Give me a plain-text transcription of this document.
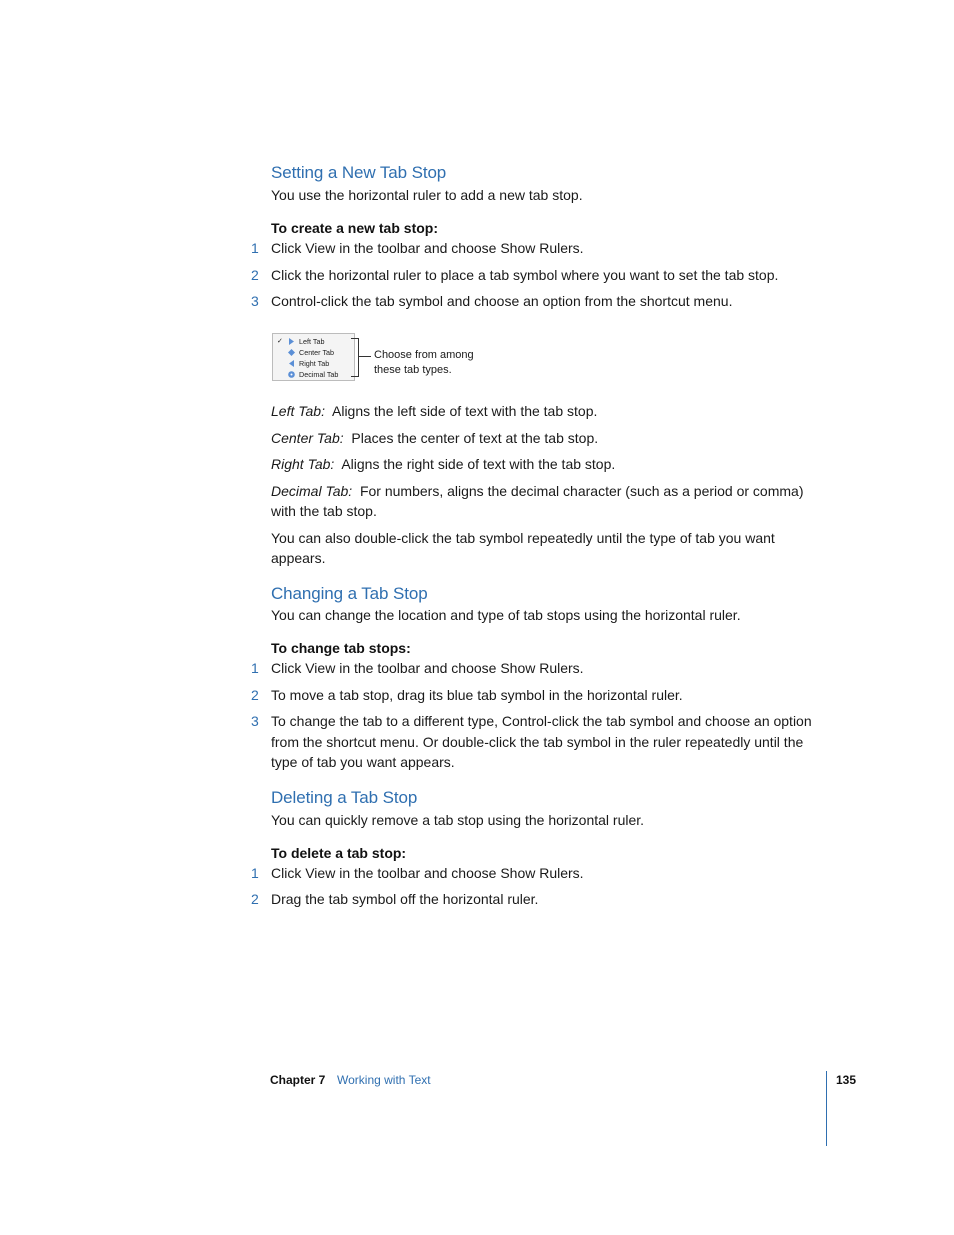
Setting a New Tab Stop

You use the horizontal ruler to add a new tab stop.

To create a new tab stop:

1 Click View in the toolbar and choose Show Rulers.
2 Click the horizontal ruler to place a tab symbol where you want to set the tab stop.
3 Control-click the tab symbol and choose an option from the shortcut menu.
✓ Left Tab
Center Tab
Right Tab
Decimal Tab
Choose from among
these tab types.

Left Tab: Aligns the left side of text with the tab stop.

Center Tab: Places the center of text at the tab stop.

Right Tab: Aligns the right side of text with the tab stop.

Decimal Tab: For numbers, aligns the decimal character (such as a period or comma) with the tab stop.

You can also double-click the tab symbol repeatedly until the type of tab you want appears.

Changing a Tab Stop

You can change the location and type of tab stops using the horizontal ruler.

To change tab stops:

1 Click View in the toolbar and choose Show Rulers.
2 To move a tab stop, drag its blue tab symbol in the horizontal ruler.
3 To change the tab to a different type, Control-click the tab symbol and choose an option from the shortcut menu. Or double-click the tab symbol in the ruler repeatedly until the type of tab you want appears.
Deleting a Tab Stop

You can quickly remove a tab stop using the horizontal ruler.

To delete a tab stop:

1 Click View in the toolbar and choose Show Rulers.
2 Drag the tab symbol off the horizontal ruler.
Chapter 7 Working with Text	135
